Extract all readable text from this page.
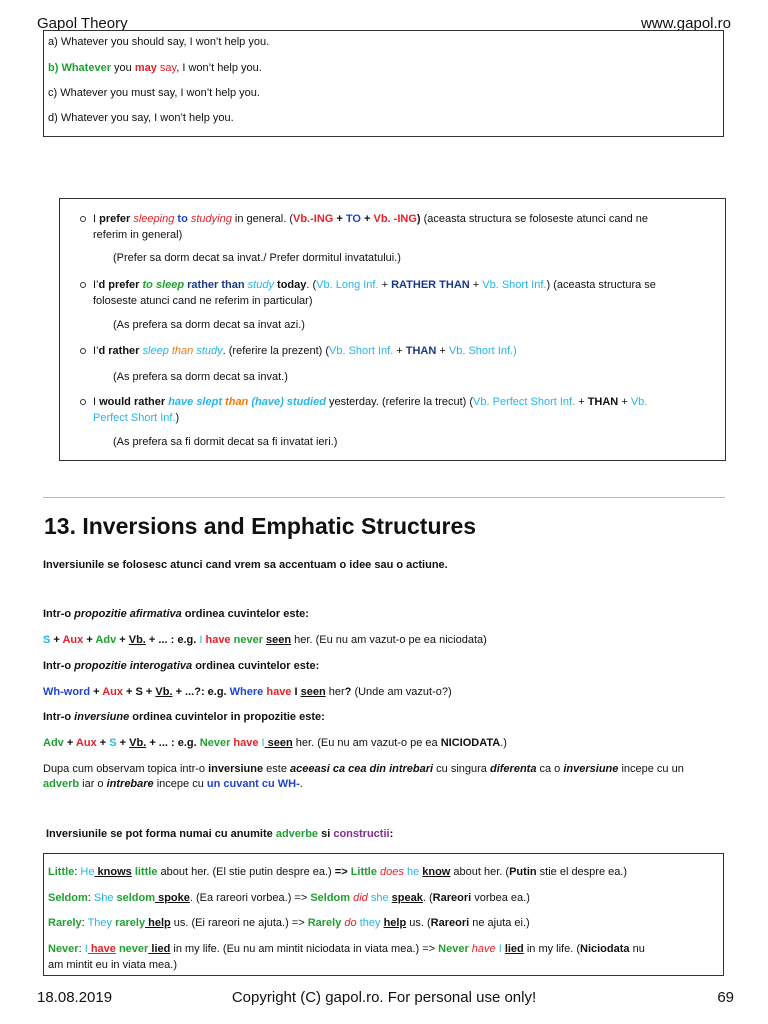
Gapol Theory	www.gapol.ro
a) Whatever you should say, I won’t help you.
b) Whatever you may say, I won’t help you.
c) Whatever you must say, I won’t help you.
d) Whatever you say, I won’t help you.
I prefer sleeping to studying in general. (Vb.-ING + TO + Vb. -ING) (aceasta structura se foloseste atunci cand ne
referim in general)
(Prefer sa dorm decat sa invat./ Prefer dormitul invatatului.)
I’d prefer to sleep rather than study today. (Vb. Long Inf. + RATHER THAN + Vb. Short Inf.) (aceasta structura se
foloseste atunci cand ne referim in particular)
(As prefera sa dorm decat sa invat azi.)
I’d rather sleep than study. (referire la prezent) (Vb. Short Inf. + THAN + Vb. Short Inf.)
(As prefera sa dorm decat sa invat.)
I would rather have slept than (have) studied yesterday. (referire la trecut) (Vb. Perfect Short Inf. + THAN + Vb.
Perfect Short Inf.)
(As prefera sa fi dormit decat sa fi invatat ieri.)
13. Inversions and Emphatic Structures
Inversiunile se folosesc atunci cand vrem sa accentuam o idee sau o actiune.
Intr-o propozitie afirmativa ordinea cuvintelor este:
S + Aux + Adv + Vb. + ... : e.g. I have never seen her. (Eu nu am vazut-o pe ea niciodata)
Intr-o propozitie interogativa ordinea cuvintelor este:
Wh-word + Aux + S + Vb. + ...?: e.g. Where have I seen her? (Unde am vazut-o?)
Intr-o inversiune ordinea cuvintelor in propozitie este:
Adv + Aux + S + Vb. + ... : e.g. Never have I seen her. (Eu nu am vazut-o pe ea NICIODATA.)
Dupa cum observam topica intr-o inversiune este aceeasi ca cea din intrebari cu singura diferenta ca o inversiune incepe cu un
adverb iar o intrebare incepe cu un cuvant cu WH-.
Inversiunile se pot forma numai cu anumite adverbe si constructii:
Little: He knows little about her. (El stie putin despre ea.) => Little does he know about her. (Putin stie el despre ea.)
Seldom: She seldom spoke. (Ea rareori vorbea.) => Seldom did she speak. (Rareori vorbea ea.)
Rarely: They rarely help us. (Ei rareori ne ajuta.) => Rarely do they help us. (Rareori ne ajuta ei.)
Never: I have never lied in my life. (Eu nu am mintit niciodata in viata mea.) => Never have I lied in my life. (Niciodata nu
am mintit eu in viata mea.)
18.08.2019	Copyright (C) gapol.ro. For personal use only!	69
